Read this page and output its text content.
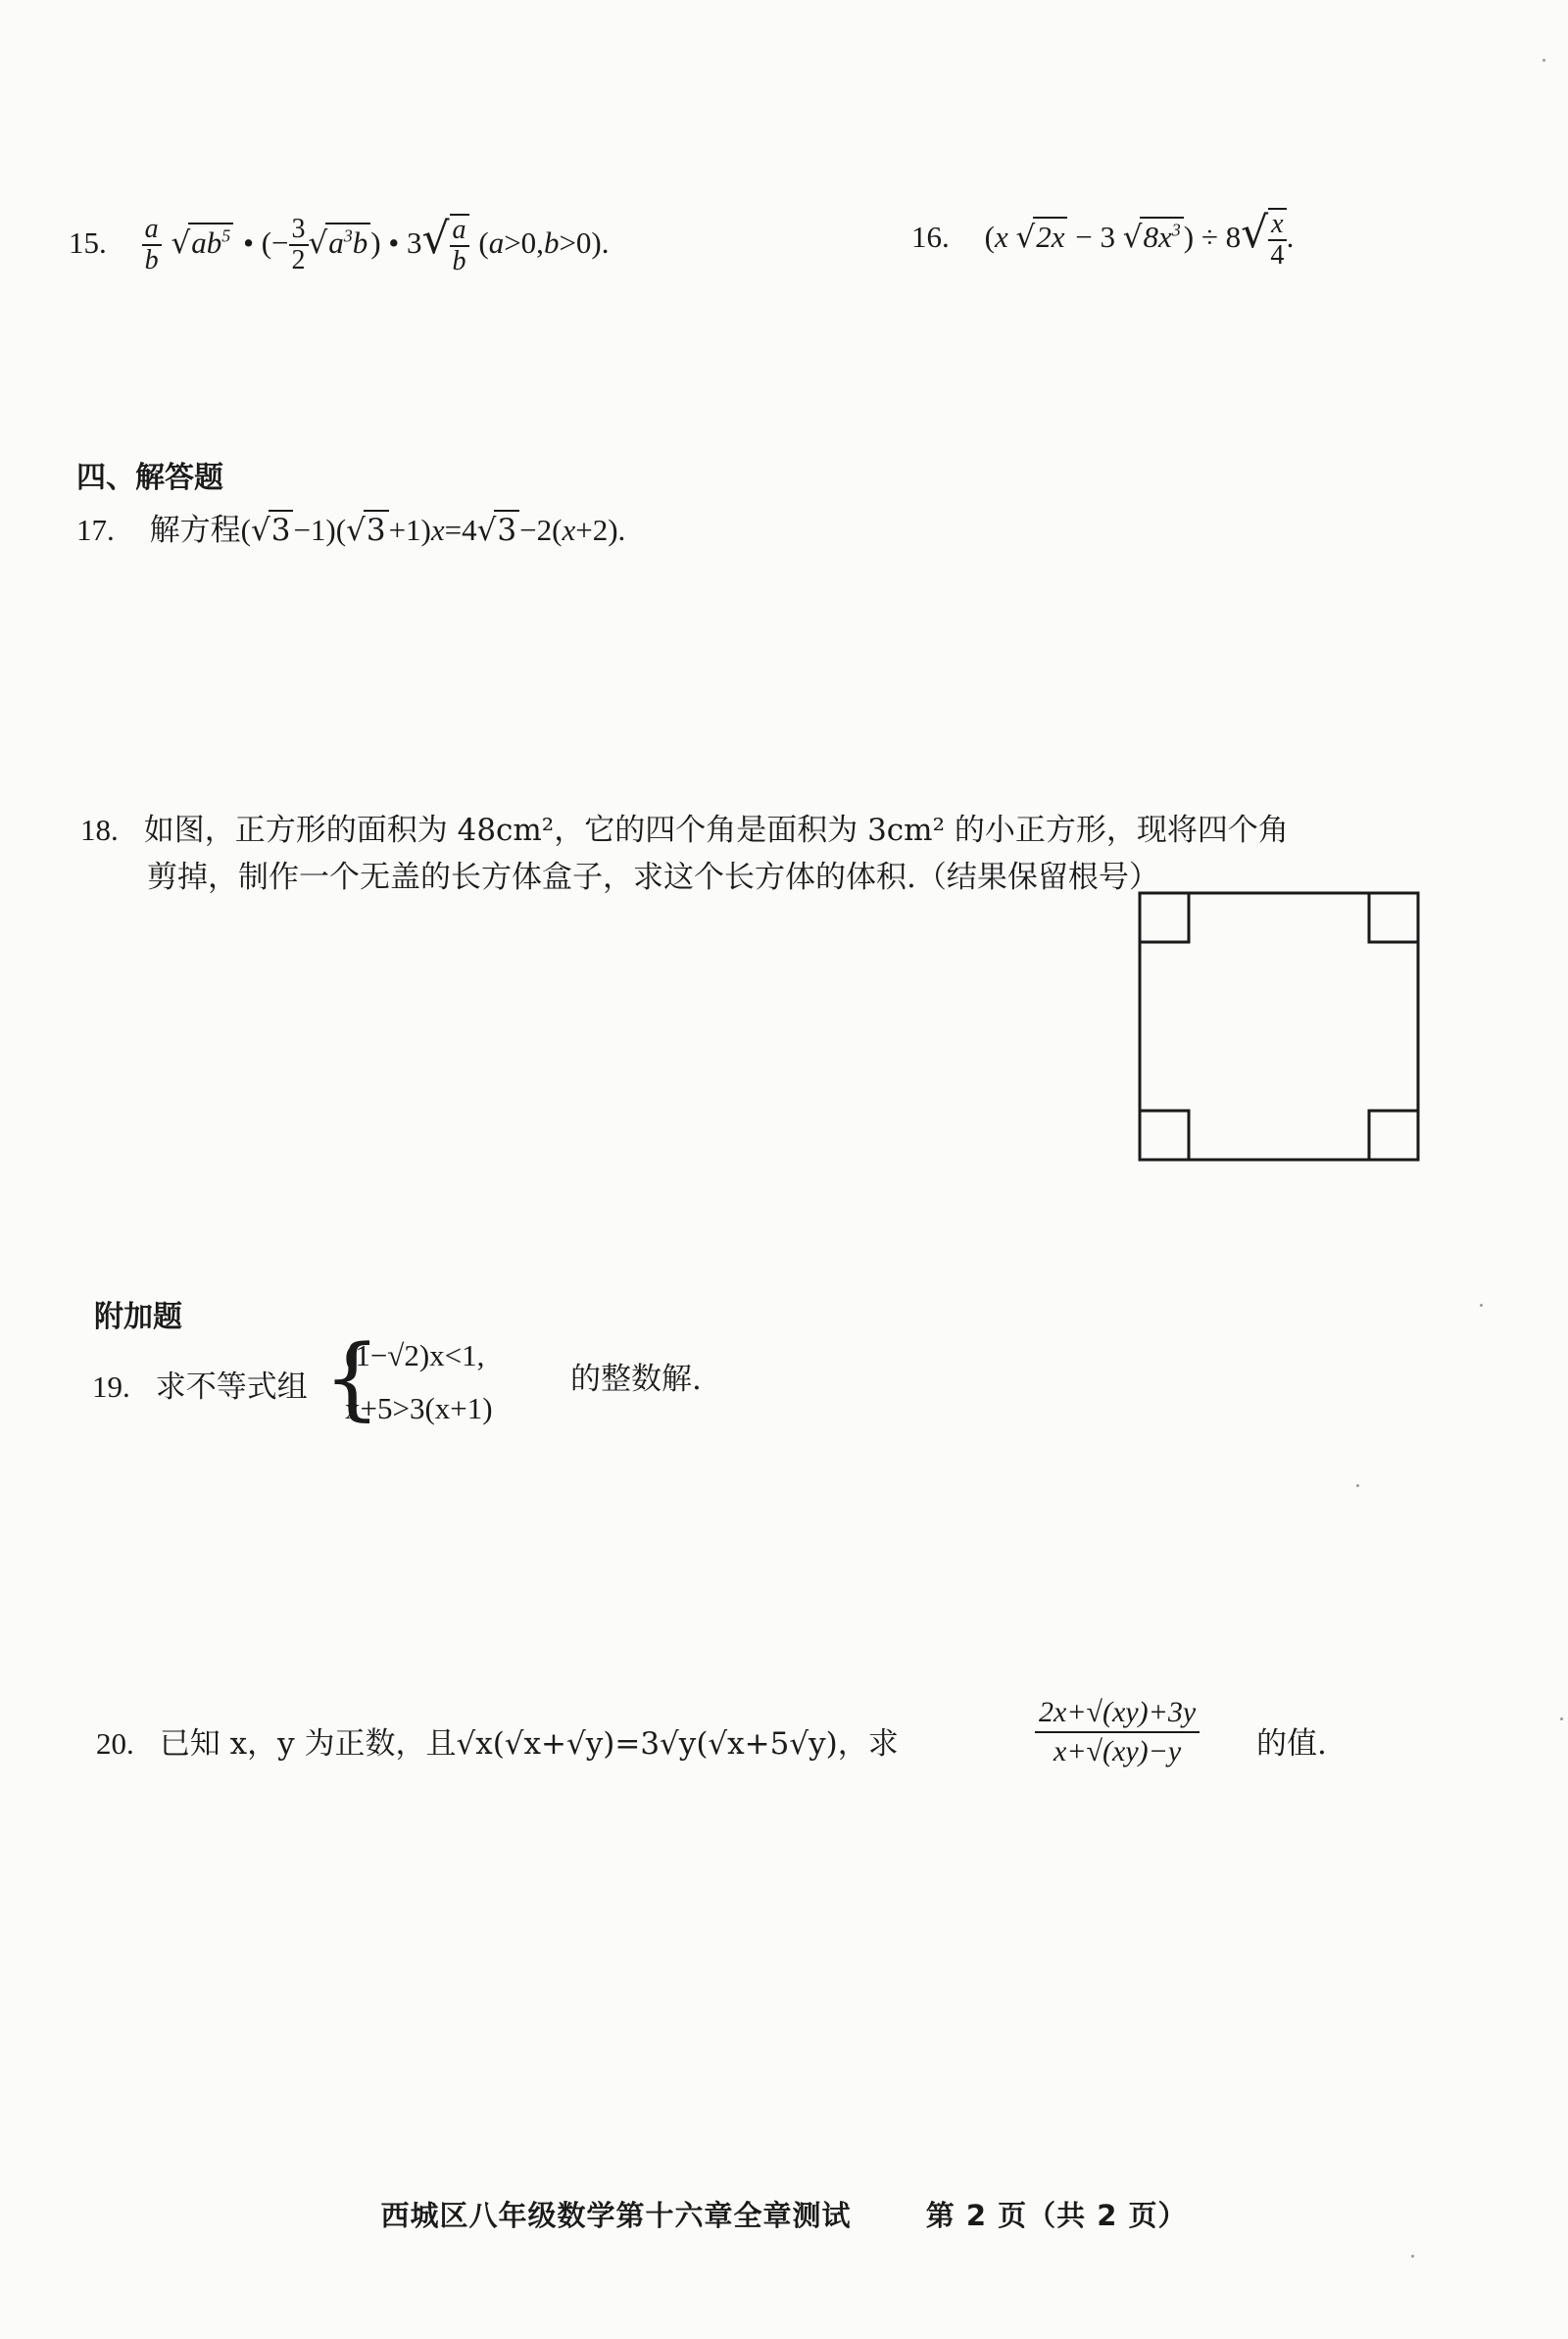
15. $\frac{a}{b} √ab^5$ • (− $\frac{3}{2} √a^3b$) • $3√ \frac{a}{b} (a>0,b>0)$.	16. (x √2x − 3 $√8x^3) \div 8√ \frac{x}{4}$ .
四、解答题
17. 解方程(√3−1)(√3+1)x=4√3−2(x+2).
18. 如图，正方形的面积为 48cm²，它的四个角是面积为 3cm² 的小正方形，现将四个角
剪掉，制作一个无盖的长方体盒子，求这个长方体的体积.（结果保留根号）
附加题
19. 求不等式组 {
(1−√2)x<1,
x+5>3(x+1)
的整数解.
20. 已知 x，y 为正数，且√x(√x+√y)=3√y(√x+5√y)，求	$\frac{2x+√(xy)+3y}{x+√(xy)-y}$ 的值.
西城区八年级数学第十六章全章测试	第 2 页（共 2 页）
